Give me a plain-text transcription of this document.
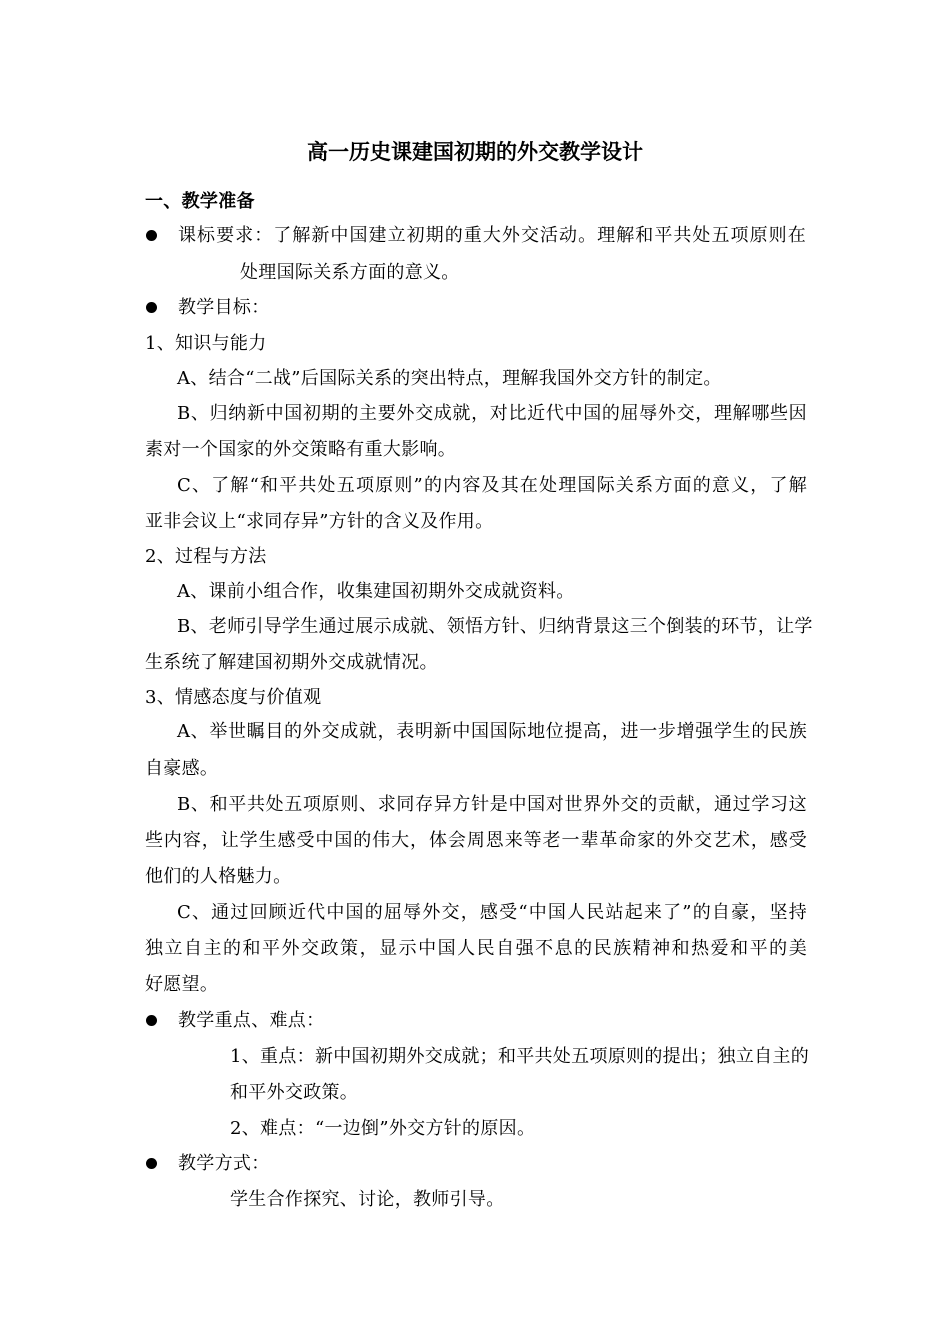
高一历史课建国初期的外交教学设计
一、教学准备
课标要求：了解新中国建立初期的重大外交活动。理解和平共处五项原则在
处理国际关系方面的意义。
教学目标：
1、知识与能力
A、结合“二战”后国际关系的突出特点，理解我国外交方针的制定。
B、归纳新中国初期的主要外交成就，对比近代中国的屈辱外交，理解哪些因
素对一个国家的外交策略有重大影响。
C、了解“和平共处五项原则”的内容及其在处理国际关系方面的意义，了解
亚非会议上“求同存异”方针的含义及作用。
2、过程与方法
A、课前小组合作，收集建国初期外交成就资料。
B、老师引导学生通过展示成就、领悟方针、归纳背景这三个倒装的环节，让学
生系统了解建国初期外交成就情况。
3、情感态度与价值观
A、举世瞩目的外交成就，表明新中国国际地位提高，进一步增强学生的民族
自豪感。
B、和平共处五项原则、求同存异方针是中国对世界外交的贡献，通过学习这
些内容，让学生感受中国的伟大，体会周恩来等老一辈革命家的外交艺术，感受
他们的人格魅力。
C、通过回顾近代中国的屈辱外交，感受“中国人民站起来了”的自豪，坚持
独立自主的和平外交政策，显示中国人民自强不息的民族精神和热爱和平的美
好愿望。
教学重点、难点：
1、重点：新中国初期外交成就；和平共处五项原则的提出；独立自主的
和平外交政策。
2、难点：“一边倒”外交方针的原因。
教学方式：
学生合作探究、讨论，教师引导。
